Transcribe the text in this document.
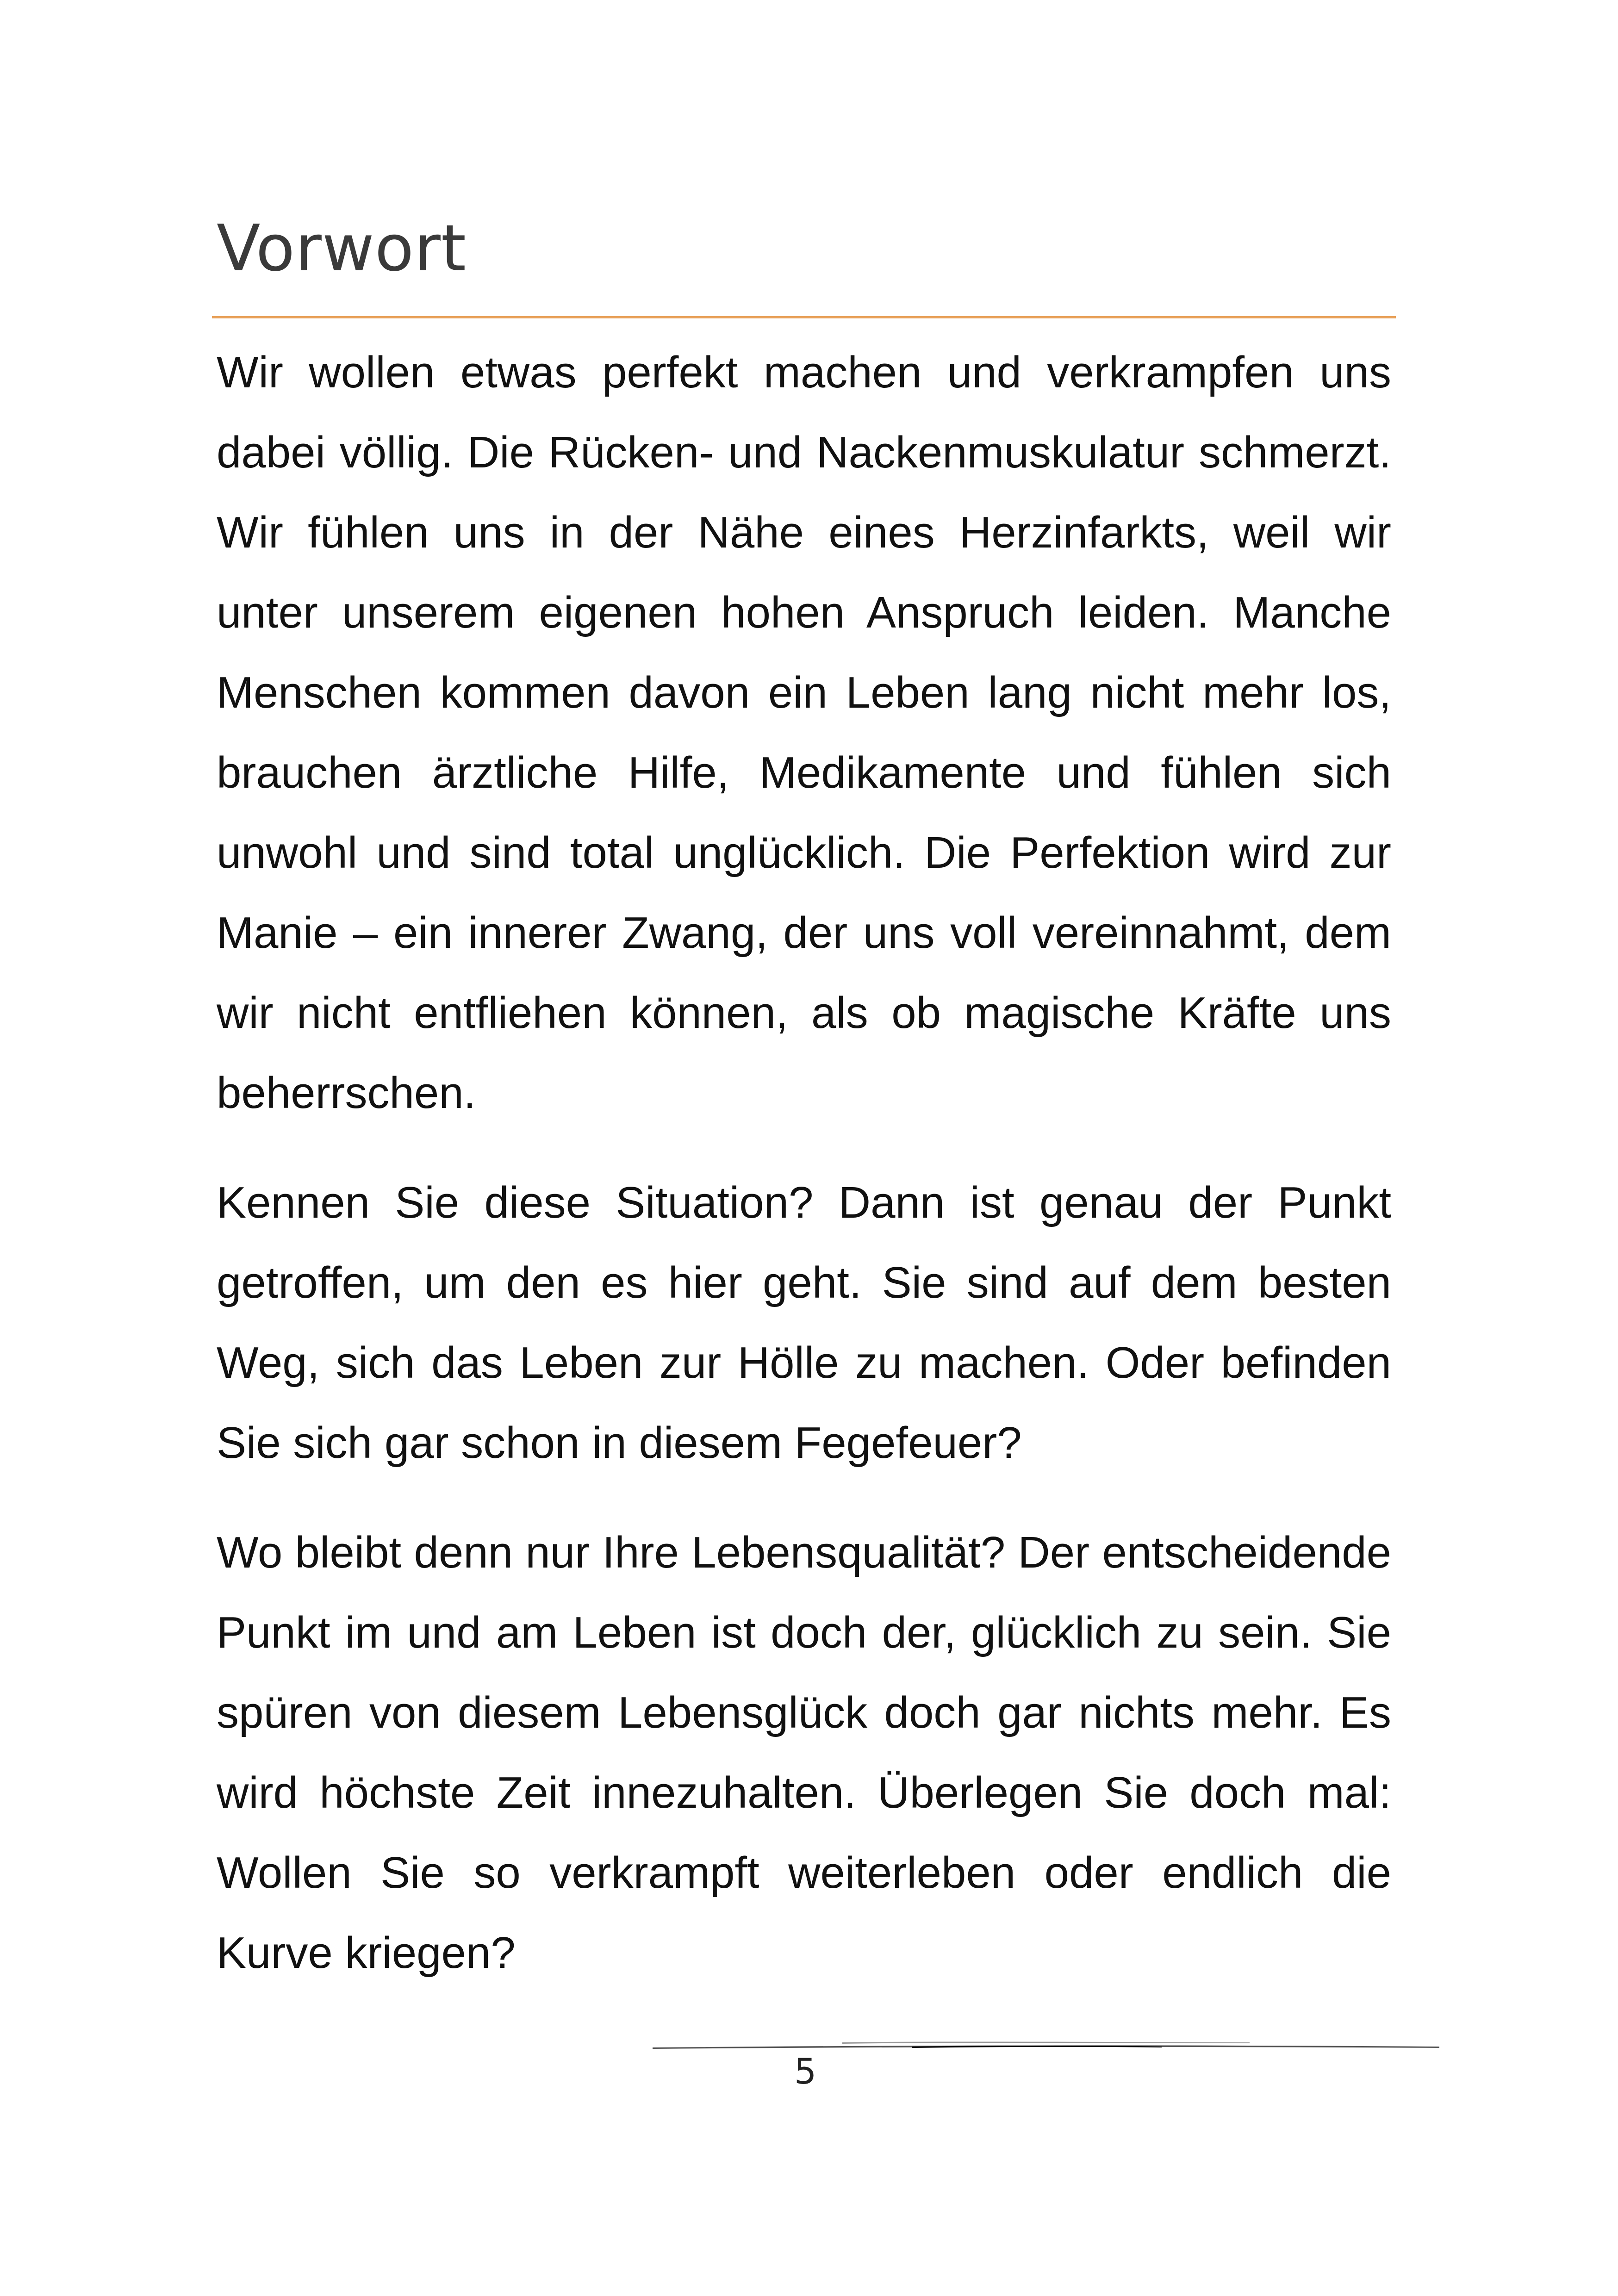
Vorwort

Wir wollen etwas perfekt machen und verkrampfen uns dabei völlig. Die Rücken- und Nackenmuskulatur schmerzt. Wir fühlen uns in der Nähe eines Herzinfarkts, weil wir unter unserem eigenen hohen Anspruch leiden. Manche Menschen kommen davon ein Leben lang nicht mehr los, brauchen ärztliche Hilfe, Medikamente und fühlen sich unwohl und sind total unglücklich. Die Perfektion wird zur Manie – ein innerer Zwang, der uns voll vereinnahmt, dem wir nicht entfliehen können, als ob magische Kräfte uns beherrschen.

Kennen Sie diese Situation? Dann ist genau der Punkt getroffen, um den es hier geht. Sie sind auf dem besten Weg, sich das Leben zur Hölle zu machen. Oder befinden Sie sich gar schon in diesem Fegefeuer?

Wo bleibt denn nur Ihre Lebensqualität? Der entscheidende Punkt im und am Leben ist doch der, glücklich zu sein. Sie spüren von diesem Lebensglück doch gar nichts mehr. Es wird höchste Zeit innezuhalten. Überlegen Sie doch mal: Wollen Sie so verkrampft weiterleben oder endlich die Kurve kriegen?

5
